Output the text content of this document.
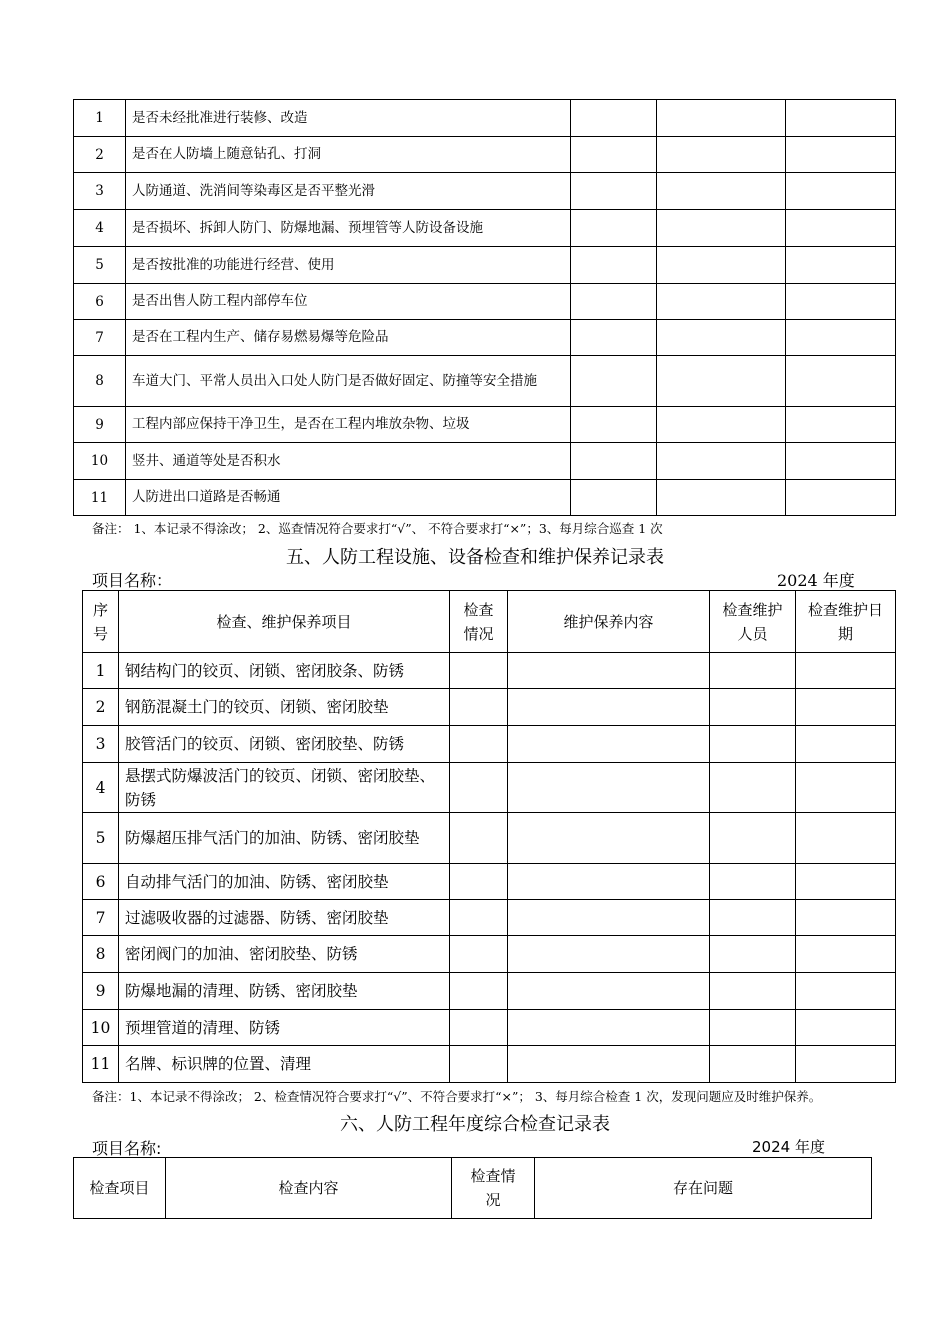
1	是否未经批准进行装修、改造			
2	是否在人防墙上随意钻孔、打洞			
3	人防通道、洗消间等染毒区是否平整光滑			
4	是否损坏、拆卸人防门、防爆地漏、预埋管等人防设备设施			
5	是否按批准的功能进行经营、使用			
6	是否出售人防工程内部停车位			
7	是否在工程内生产、储存易燃易爆等危险品			
8	车道大门、平常人员出入口处人防门是否做好固定、防撞等安全措施			
9	工程内部应保持干净卫生，是否在工程内堆放杂物、垃圾			
10	竖井、通道等处是否积水			
11	人防进出口道路是否畅通			
备注： 1、本记录不得涂改； 2、巡查情况符合要求打“√”、 不符合要求打“×”；3、每月综合巡查 1 次
五、人防工程设施、设备检查和维护保养记录表
项目名称：	2024 年度
序号	检查、维护保养项目	检查情况	维护保养内容	检查维护人员	检查维护日期
1	钢结构门的铰页、闭锁、密闭胶条、防锈				
2	钢筋混凝土门的铰页、闭锁、密闭胶垫				
3	胶管活门的铰页、闭锁、密闭胶垫、防锈				
4	悬摆式防爆波活门的铰页、闭锁、密闭胶垫、防锈				
5	防爆超压排气活门的加油、防锈、密闭胶垫				
6	自动排气活门的加油、防锈、密闭胶垫				
7	过滤吸收器的过滤器、防锈、密闭胶垫				
8	密闭阀门的加油、密闭胶垫、防锈				
9	防爆地漏的清理、防锈、密闭胶垫				
10	预埋管道的清理、防锈				
11	名牌、标识牌的位置、清理				
备注：1、本记录不得涂改； 2、检查情况符合要求打“√”、不符合要求打“×”； 3、每月综合检查 1 次，发现问题应及时维护保养。
六、人防工程年度综合检查记录表
项目名称:	2024 年度
检查项目	检查内容	检查情况	存在问题
